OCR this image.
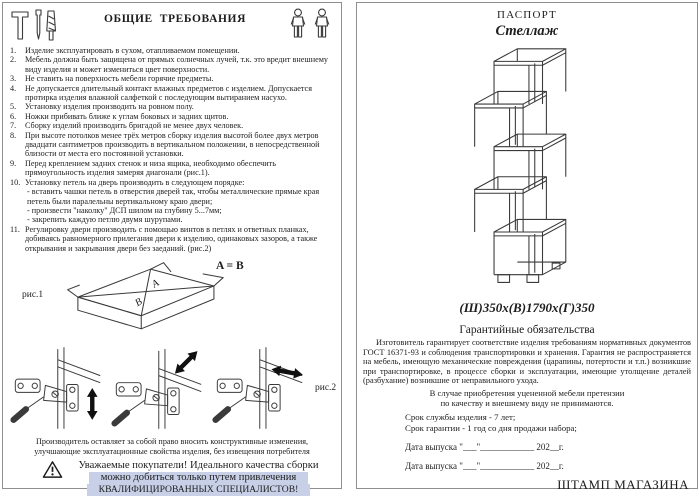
ОБЩИЕ  ТРЕБОВАНИЯ
1.	Изделие эксплуатировать в сухом, отапливаемом помещении.
2.	Мебель должна быть защищена от прямых солнечных лучей, т.к. это вредит внешнему виду изделия и может измениться цвет поверхности.
3.	Не ставить на поверхность мебели горячие предметы.
4.	Не допускается длительный контакт влажных предметов с изделием. Допускается протирка изделия влажной салфеткой с последующим вытиранием насухо.
5.	Установку изделия производить на ровном полу.
6.	Ножки прибивать ближе к углам боковых и задних щитов.
7.	Сборку изделий производить бригадой не менее двух человек.
8.	При высоте потолков менее трёх метров сборку изделия высотой более двух метров двадцати сантиметров производить в вертикальном положении, в непосредственной близости от места его постоянной установки.
9.	Перед креплением задних стенок и низа ящика, необходимо обеспечить прямоугольность изделия замеряя диагонали (рис.1).
10. Установку петель на дверь производить в следующем порядке:
- вставить чашки петель в отверстия дверей так, чтобы металлические прямые края петель были паралельны вертикальному краю двери;
- произвести "наколку" ДСП шилом на глубину 5...7мм;
- закрепить каждую петлю двумя шурупами.
11. Регулировку двери производить с помощью винтов в петлях и ответных планках, добиваясь равномерного прилегания двери к изделию, одинаковых зазоров, а также открывания и закрывания двери без заеданий. (рис.2)
рис.1
A
B
A = B
рис.2
Производитель оставляет за собой право вносить конструктивные изменения, улучшающие эксплуатационные свойства изделия, без извещения потребителя
Уважаемые покупатели! Идеального качества сборки
можно добиться только путем привлечения
КВАЛИФИЦИРОВАННЫХ СПЕЦИАЛИСТОВ!
ПАСПОРТ
Стеллаж
(Ш)350х(В)1790х(Г)350
Гарантийные обязательства
Изготовитель гарантирует соответствие изделия требованиям нормативных документов ГОСТ 16371-93 и соблюдения транспортировки и хранения. Гарантия не распространяется на мебель, имеющую механические повреждения (царапины, потертости и т.п.) возникшие при транспортировке, в процессе сборки и эксплуатации, имеющие утолщение деталей (разбухание) возникшие от неправильного ухода.
В случае приобретения уцененной мебели претензии
по качеству и внешнему виду не принимаются.
Срок службы изделия - 7 лет;
Срок гарантии - 1 год со дня продажи набора;
Дата выпуска "___"____________ 202__г.
Дата выпуска "___"____________ 202__г.
ШТАМП МАГАЗИНА
